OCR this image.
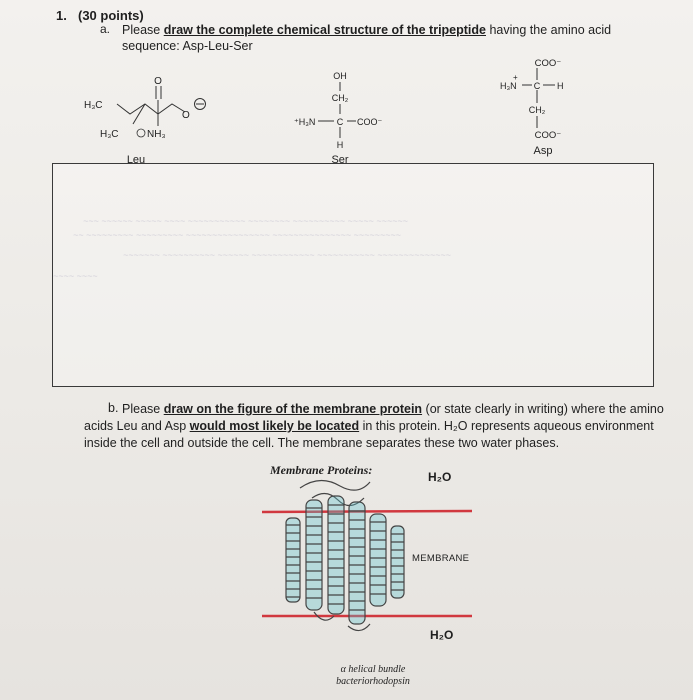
1. (30 points)
a. Please draw the complete chemical structure of the tripeptide having the amino acid sequence: Asp-Leu-Ser
O
O
H₃C
H₃C	NH₃
Leu
OH
CH₂
⁺H₃N C COO⁻
H
Ser
COO⁻
H₃N
+
C H
CH₂
COO⁻
Asp
~~~ ~~~~~~ ~~~~~ ~~~~ ~~~~~~~~~~~ ~~~~~~~~ ~~~~~~~~~~ ~~~~~ ~~~~~~
~~ ~~~~~~~~~ ~~~~~~~~~ ~~~~~~~~~~~~~~~~ ~~~~~~~~~~~~~~~ ~~~~~~~~~
~~~~~~~ ~~~~~~~~~~ ~~~~~~ ~~~~~~~~~~~~ ~~~~~~~~~~~ ~~~~~~~~~~~~~~
~~~~ ~~~~
b. Please draw on the figure of the membrane protein (or state clearly in writing) where the amino acids Leu and Asp would most likely be located in this protein. H₂O represents aqueous environment inside the cell and outside the cell. The membrane separates these two water phases.
Membrane Proteins:	H₂O
H₂O
MEMBRANE
α helical bundle
bacteriorhodopsin
